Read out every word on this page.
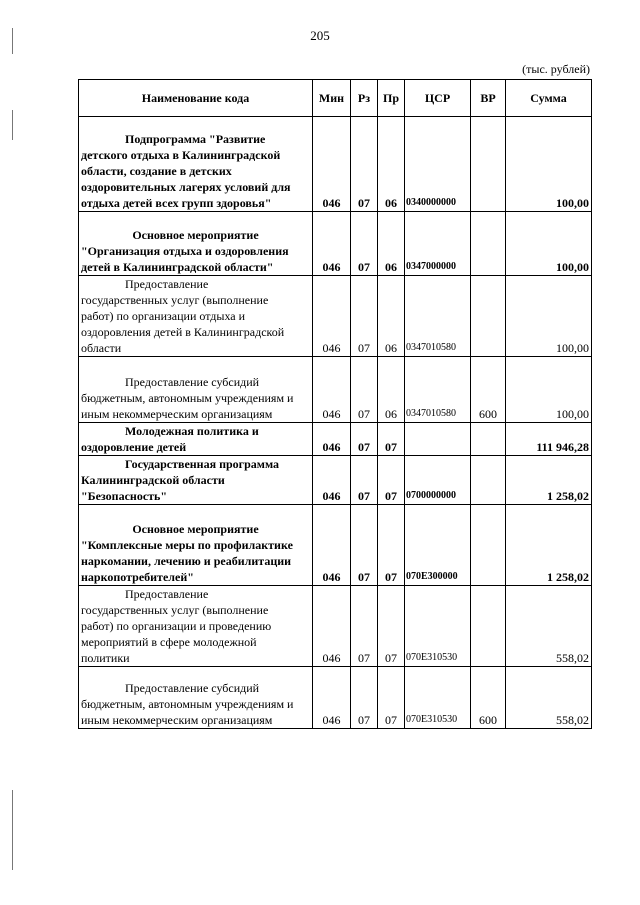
205
(тыс. рублей)
Наименование кода	Мин	Рз	Пр	ЦСР	ВР	Сумма

Подпрограмма "Развитие
детского отдыха в Калининградской
области, создание в детских
оздоровительных лагерях условий для
отдыха детей всех групп здоровья"	046	07	06	0340000000		100,00

Основное мероприятие
"Организация отдыха и оздоровления
детей в Калининградской области"	046	07	06	0347000000		100,00

Предоставление
государственных услуг (выполнение
работ) по организации отдыха и
оздоровления детей в Калининградской
области	046	07	06	0347010580		100,00

Предоставление субсидий
бюджетным, автономным учреждениям и
иным некоммерческим организациям	046	07	06	0347010580	600	100,00

Молодежная политика и
оздоровление детей	046	07	07			111 946,28

Государственная программа
Калининградской области
"Безопасность"	046	07	07	0700000000		1 258,02

Основное мероприятие
"Комплексные меры по профилактике
наркомании, лечению и реабилитации
наркопотребителей"	046	07	07	070Е300000		1 258,02

Предоставление
государственных услуг (выполнение
работ) по организации и проведению
мероприятий в сфере молодежной
политики	046	07	07	070Е310530		558,02

Предоставление субсидий
бюджетным, автономным учреждениям и
иным некоммерческим организациям	046	07	07	070Е310530	600	558,02
